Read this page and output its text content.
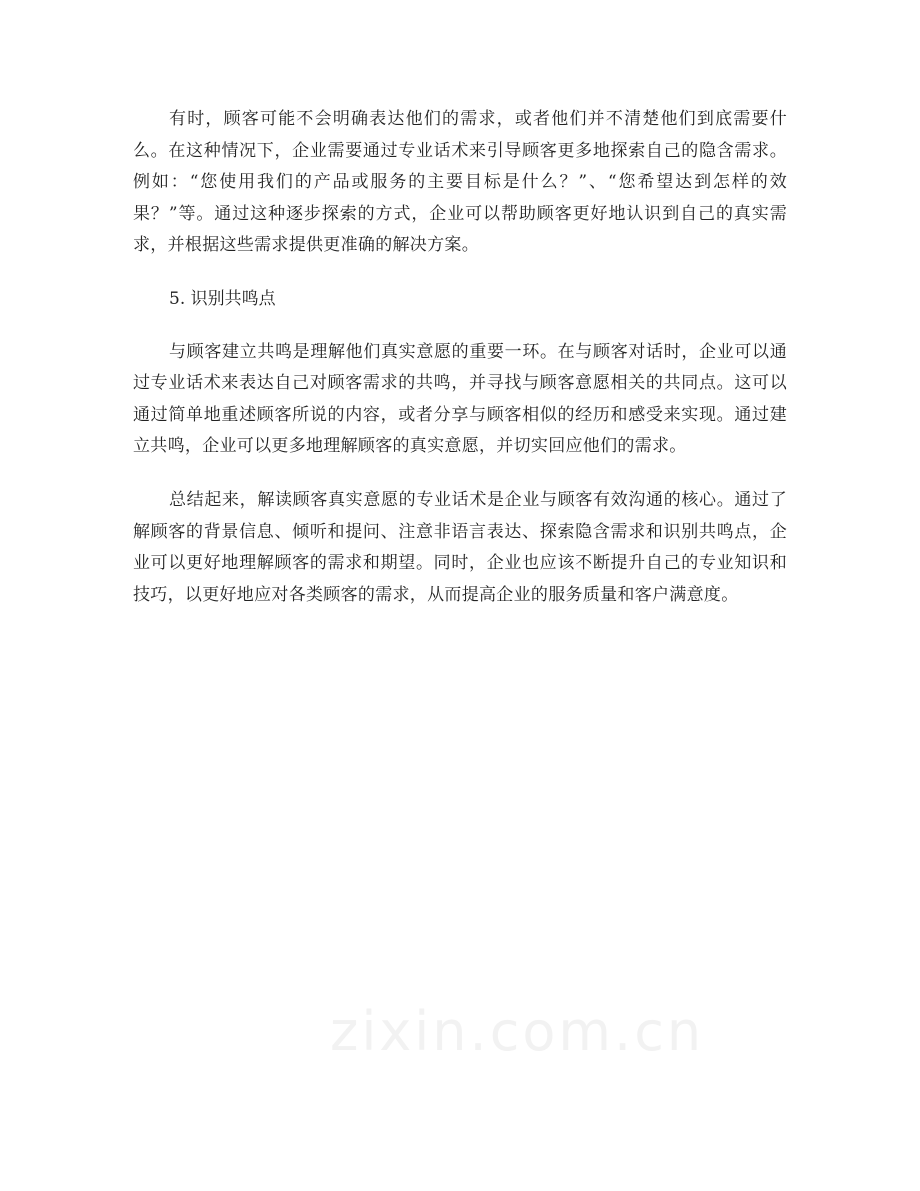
有时，顾客可能不会明确表达他们的需求，或者他们并不清楚他们到底需要什么。在这种情况下，企业需要通过专业话术来引导顾客更多地探索自己的隐含需求。例如：“您使用我们的产品或服务的主要目标是什么？”、“您希望达到怎样的效果？”等。通过这种逐步探索的方式，企业可以帮助顾客更好地认识到自己的真实需求，并根据这些需求提供更准确的解决方案。

5. 识别共鸣点

与顾客建立共鸣是理解他们真实意愿的重要一环。在与顾客对话时，企业可以通过专业话术来表达自己对顾客需求的共鸣，并寻找与顾客意愿相关的共同点。这可以通过简单地重述顾客所说的内容，或者分享与顾客相似的经历和感受来实现。通过建立共鸣，企业可以更多地理解顾客的真实意愿，并切实回应他们的需求。

总结起来，解读顾客真实意愿的专业话术是企业与顾客有效沟通的核心。通过了解顾客的背景信息、倾听和提问、注意非语言表达、探索隐含需求和识别共鸣点，企业可以更好地理解顾客的需求和期望。同时，企业也应该不断提升自己的专业知识和技巧，以更好地应对各类顾客的需求，从而提高企业的服务质量和客户满意度。

zixin.com.cn
